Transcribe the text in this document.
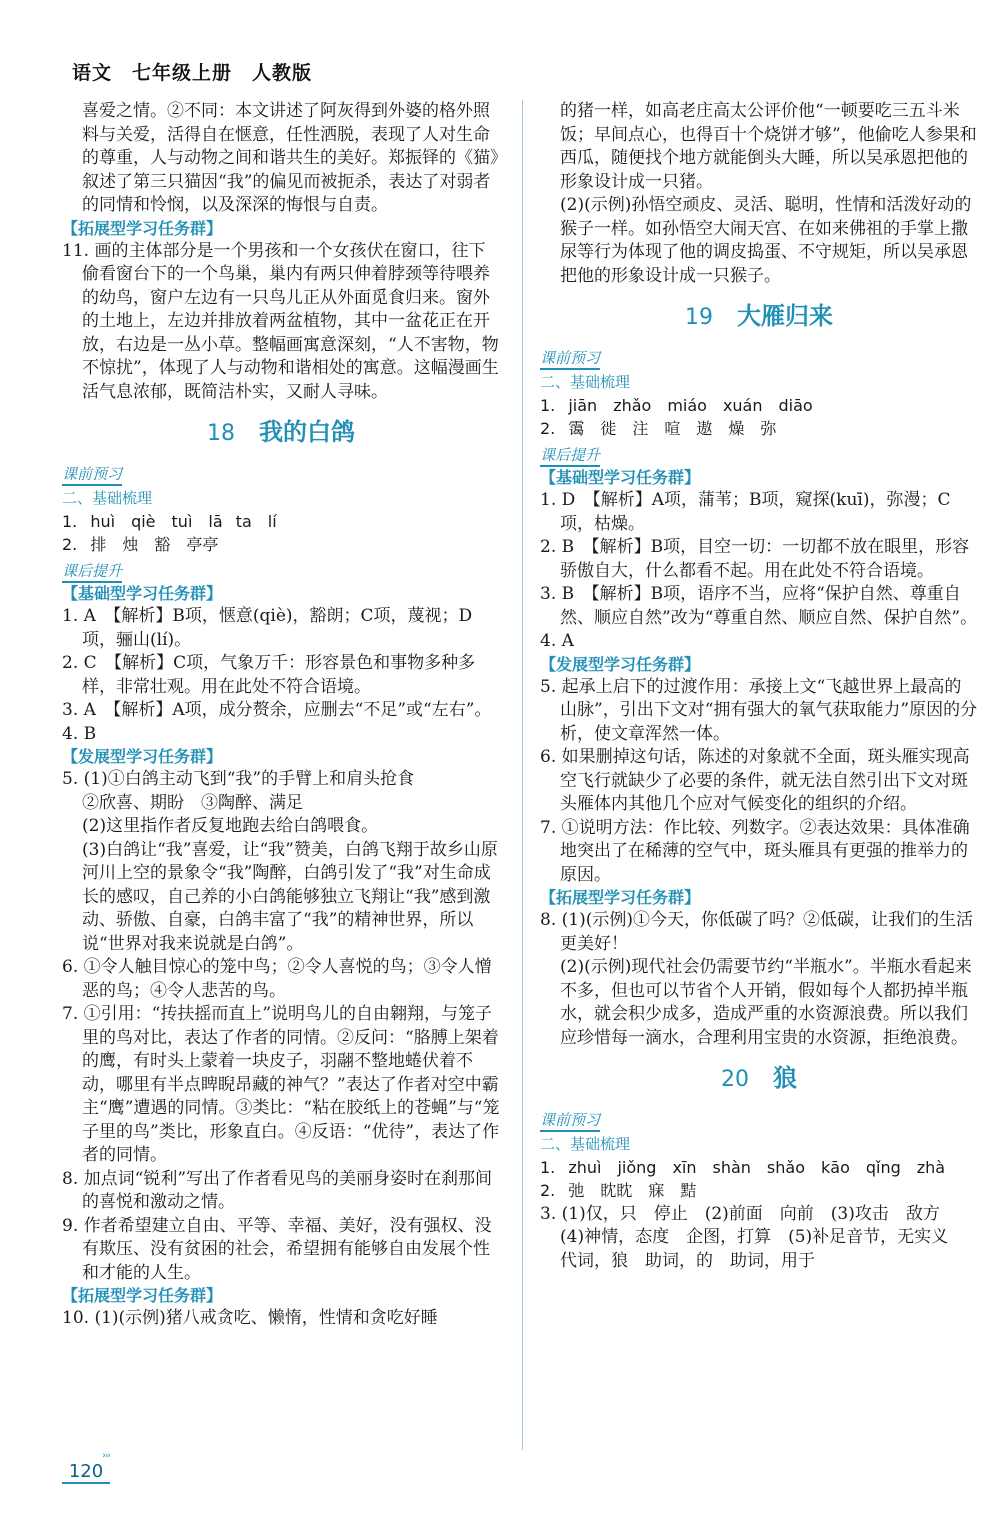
语文　七年级上册　人教版

喜爱之情。②不同：本文讲述了阿灰得到外婆的格外照料与关爱，活得自在惬意，任性洒脱，表现了人对生命的尊重，人与动物之间和谐共生的美好。郑振铎的《猫》叙述了第三只猫因“我”的偏见而被扼杀，表达了对弱者的同情和怜悯，以及深深的悔恨与自责。

【拓展型学习任务群】

11. 画的主体部分是一个男孩和一个女孩伏在窗口，往下偷看窗台下的一个鸟巢，巢内有两只伸着脖颈等待喂养的幼鸟，窗户左边有一只鸟儿正从外面觅食归来。窗外的土地上，左边并排放着两盆植物，其中一盆花正在开放，右边是一丛小草。整幅画寓意深刻，“人不害物，物不惊扰”，体现了人与动物和谐相处的寓意。这幅漫画生活气息浓郁，既简洁朴实，又耐人寻味。

18 我的白鸽
课前预习

二、基础梳理

1. huì　qiè　tuì　lā ta　lí

2. 排　烛　豁　亭亭

课后提升

【基础型学习任务群】

1. A　【解析】B项，惬意(qiè)，豁朗；C项，蔑视；D项，骊山(lí)。

2. C　【解析】C项，气象万千：形容景色和事物多种多样，非常壮观。用在此处不符合语境。

3. A　【解析】A项，成分赘余，应删去“不足”或“左右”。

4. B

【发展型学习任务群】

5. (1)①白鸽主动飞到“我”的手臂上和肩头抢食

②欣喜、期盼　③陶醉、满足

(2)这里指作者反复地跑去给白鸽喂食。

(3)白鸽让“我”喜爱，让“我”赞美，白鸽飞翔于故乡山原河川上空的景象令“我”陶醉，白鸽引发了“我”对生命成长的感叹，自己养的小白鸽能够独立飞翔让“我”感到激动、骄傲、自豪，白鸽丰富了“我”的精神世界，所以说“世界对我来说就是白鸽”。

6. ①令人触目惊心的笼中鸟；②令人喜悦的鸟；③令人憎恶的鸟；④令人悲苦的鸟。

7. ①引用：“抟扶摇而直上”说明鸟儿的自由翱翔，与笼子里的鸟对比，表达了作者的同情。②反问：“胳膊上架着的鹰，有时头上蒙着一块皮子，羽翮不整地蜷伏着不动，哪里有半点睥睨昂藏的神气？”表达了作者对空中霸主“鹰”遭遇的同情。③类比：“粘在胶纸上的苍蝇”与“笼子里的鸟”类比，形象直白。④反语：“优待”，表达了作者的同情。

8. 加点词“锐利”写出了作者看见鸟的美丽身姿时在刹那间的喜悦和激动之情。

9. 作者希望建立自由、平等、幸福、美好，没有强权、没有欺压、没有贫困的社会，希望拥有能够自由发展个性和才能的人生。

【拓展型学习任务群】

10. (1)(示例)猪八戒贪吃、懒惰，性情和贪吃好睡

的猪一样，如高老庄高太公评价他“一顿要吃三五斗米饭；早间点心，也得百十个烧饼才够”，他偷吃人参果和西瓜，随便找个地方就能倒头大睡，所以吴承恩把他的形象设计成一只猪。

(2)(示例)孙悟空顽皮、灵活、聪明，性情和活泼好动的猴子一样。如孙悟空大闹天宫、在如来佛祖的手掌上撒尿等行为体现了他的调皮捣蛋、不守规矩，所以吴承恩把他的形象设计成一只猴子。

19 大雁归来
课前预习

二、基础梳理

1. jiān　zhǎo　miáo　xuán　diāo

2. 霭　徙　注　喧　遨　燥　弥

课后提升

【基础型学习任务群】

1. D　【解析】A项，蒲苇；B项，窥探(kuī)，弥漫；C项，枯燥。

2. B　【解析】B项，目空一切：一切都不放在眼里，形容骄傲自大，什么都看不起。用在此处不符合语境。

3. B　【解析】B项，语序不当，应将“保护自然、尊重自然、顺应自然”改为“尊重自然、顺应自然、保护自然”。

4. A

【发展型学习任务群】

5. 起承上启下的过渡作用：承接上文“飞越世界上最高的山脉”，引出下文对“拥有强大的氧气获取能力”原因的分析，使文章浑然一体。

6. 如果删掉这句话，陈述的对象就不全面，斑头雁实现高空飞行就缺少了必要的条件，就无法自然引出下文对斑头雁体内其他几个应对气候变化的组织的介绍。

7. ①说明方法：作比较、列数字。②表达效果：具体准确地突出了在稀薄的空气中，斑头雁具有更强的推举力的原因。

【拓展型学习任务群】

8. (1)(示例)①今天，你低碳了吗？②低碳，让我们的生活更美好！

(2)(示例)现代社会仍需要节约“半瓶水”。半瓶水看起来不多，但也可以节省个人开销，假如每个人都扔掉半瓶水，就会积少成多，造成严重的水资源浪费。所以我们应珍惜每一滴水，合理利用宝贵的水资源，拒绝浪费。

20 狼
课前预习

二、基础梳理

1. zhuì　jiǒng　xīn　shàn　shǎo　kāo　qǐng　zhà

2. 弛　眈眈　寐　黠

3. (1)仅，只　停止　(2)前面　向前　(3)攻击　敌方　(4)神情，态度　企图，打算　(5)补足音节，无实义　代词，狼　助词，的　助词，用于

›››
120
